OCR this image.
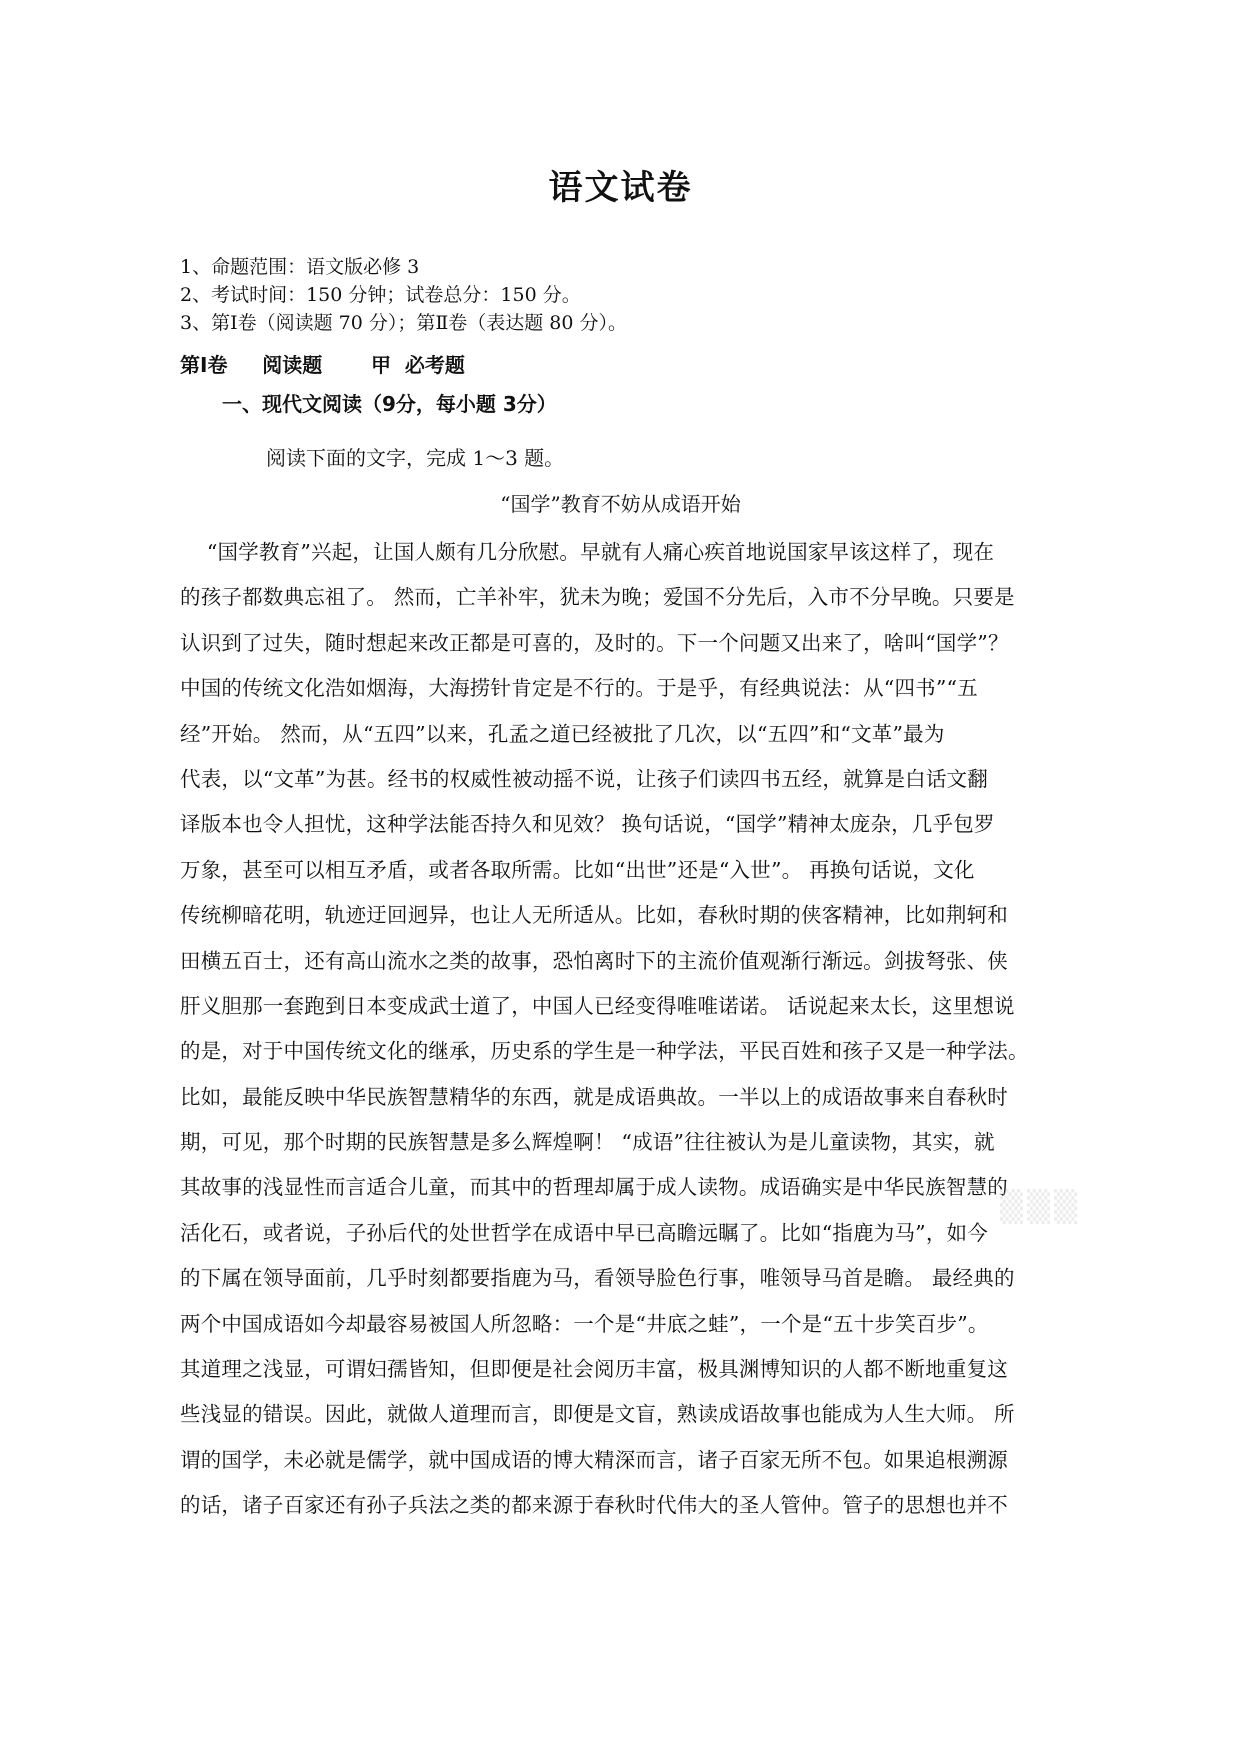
语文试卷
1、命题范围：语文版必修 3
2、考试时间：150 分钟；试卷总分：150 分。
3、第Ⅰ卷（阅读题 70 分）；第Ⅱ卷（表达题 80 分）。
第Ⅰ卷     阅读题       甲  必考题
一、现代文阅读（9分，每小题 3分）
阅读下面的文字，完成 1～3 题。
“国学”教育不妨从成语开始
“国学教育”兴起，让国人颇有几分欣慰。早就有人痛心疾首地说国家早该这样了，现在
的孩子都数典忘祖了。 然而，亡羊补牢，犹未为晚；爱国不分先后，入市不分早晚。只要是
认识到了过失，随时想起来改正都是可喜的，及时的。下一个问题又出来了，啥叫“国学”？
中国的传统文化浩如烟海，大海捞针肯定是不行的。于是乎，有经典说法：从“四书”“五
经”开始。 然而，从“五四”以来，孔孟之道已经被批了几次，以“五四”和“文革”最为
代表，以“文革”为甚。经书的权威性被动摇不说，让孩子们读四书五经，就算是白话文翻
译版本也令人担忧，这种学法能否持久和见效？ 换句话说，“国学”精神太庞杂，几乎包罗
万象，甚至可以相互矛盾，或者各取所需。比如“出世”还是“入世”。 再换句话说，文化
传统柳暗花明，轨迹迂回迥异，也让人无所适从。比如，春秋时期的侠客精神，比如荆轲和
田横五百士，还有高山流水之类的故事，恐怕离时下的主流价值观渐行渐远。剑拔弩张、侠
肝义胆那一套跑到日本变成武士道了，中国人已经变得唯唯诺诺。 话说起来太长，这里想说
的是，对于中国传统文化的继承，历史系的学生是一种学法，平民百姓和孩子又是一种学法。
比如，最能反映中华民族智慧精华的东西，就是成语典故。一半以上的成语故事来自春秋时
期，可见，那个时期的民族智慧是多么辉煌啊！ “成语”往往被认为是儿童读物，其实，就
其故事的浅显性而言适合儿童，而其中的哲理却属于成人读物。成语确实是中华民族智慧的
活化石，或者说，子孙后代的处世哲学在成语中早已高瞻远瞩了。比如“指鹿为马”，如今
的下属在领导面前，几乎时刻都要指鹿为马，看领导脸色行事，唯领导马首是瞻。 最经典的
两个中国成语如今却最容易被国人所忽略：一个是“井底之蛙”，一个是“五十步笑百步”。
其道理之浅显，可谓妇孺皆知，但即便是社会阅历丰富，极具渊博知识的人都不断地重复这
些浅显的错误。因此，就做人道理而言，即便是文盲，熟读成语故事也能成为人生大师。 所
谓的国学，未必就是儒学，就中国成语的博大精深而言，诸子百家无所不包。如果追根溯源
的话，诸子百家还有孙子兵法之类的都来源于春秋时代伟大的圣人管仲。管子的思想也并不
▒▒▒
